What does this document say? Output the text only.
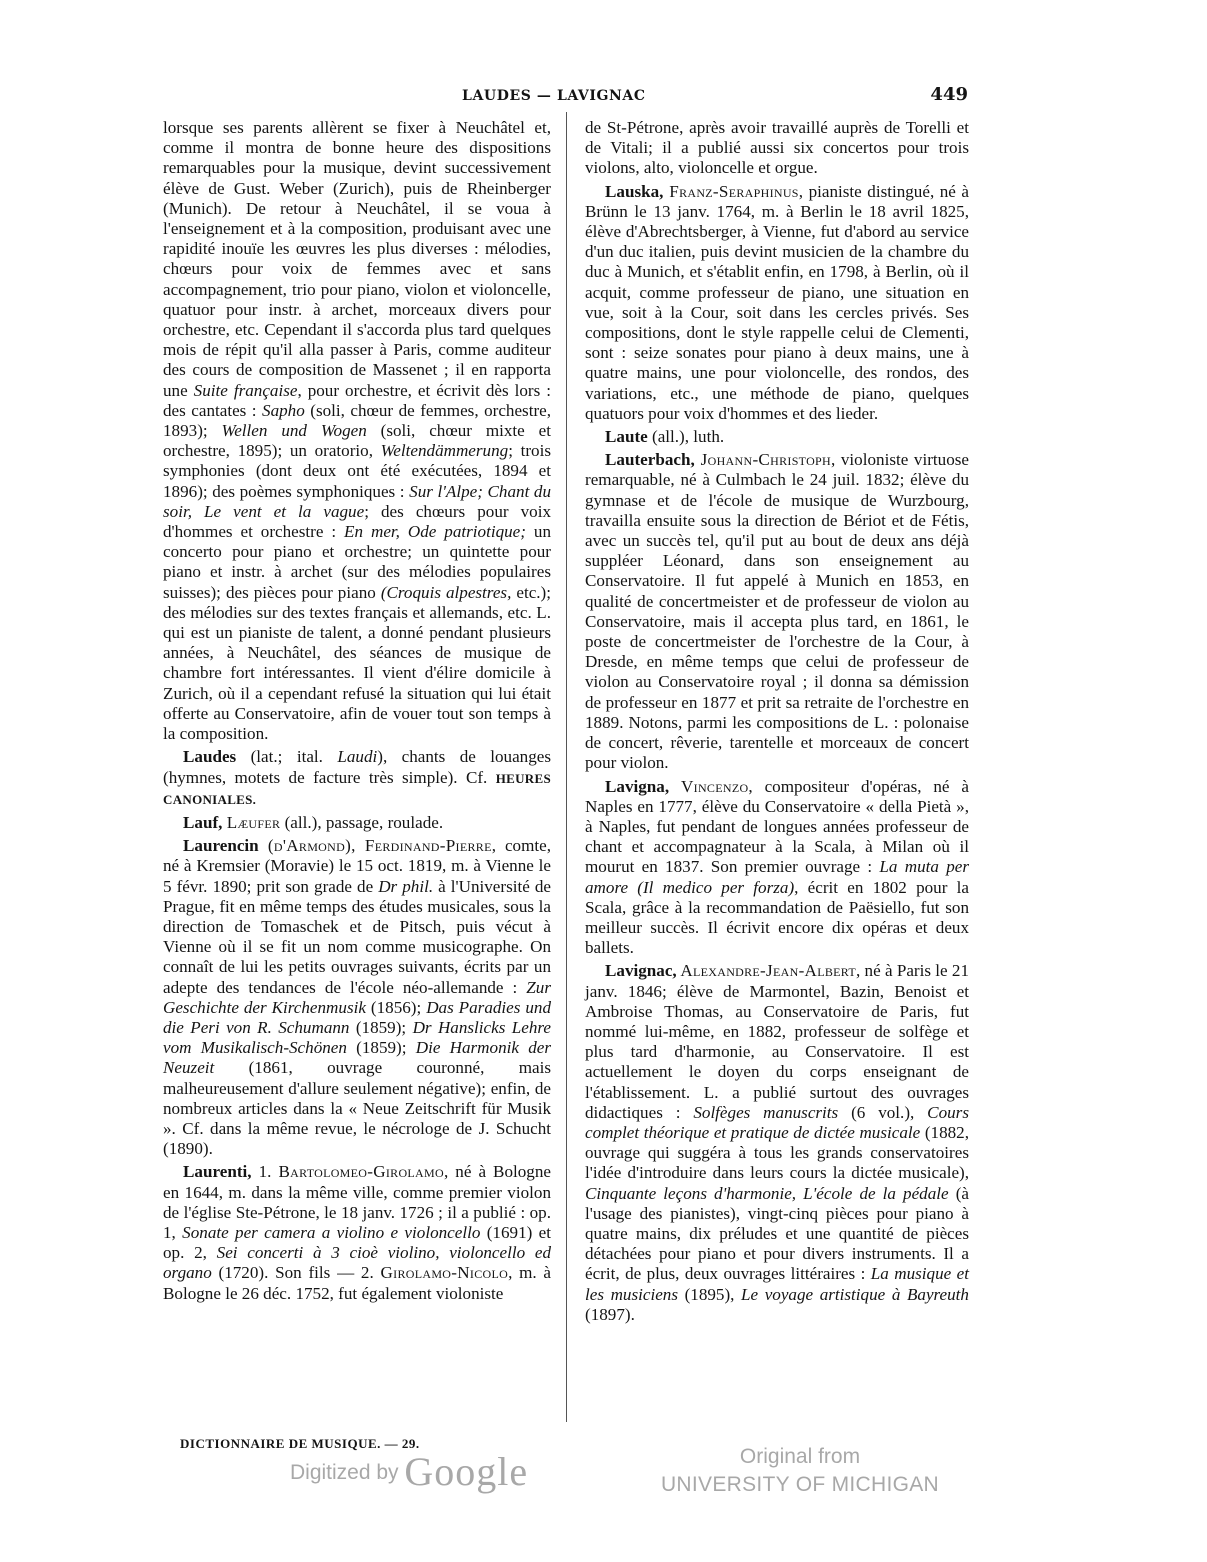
LAUDES — LAVIGNAC	449

lorsque ses parents allèrent se fixer à Neuchâtel et, comme il montra de bonne heure des dispositions remarquables pour la musique, devint successivement élève de Gust. Weber (Zurich), puis de Rheinberger (Munich). De retour à Neuchâtel, il se voua à l'enseignement et à la composition, produisant avec une rapidité inouïe les œuvres les plus diverses : mélodies, chœurs pour voix de femmes avec et sans accompagnement, trio pour piano, violon et violoncelle, quatuor pour instr. à archet, morceaux divers pour orchestre, etc. Cependant il s'accorda plus tard quelques mois de répit qu'il alla passer à Paris, comme auditeur des cours de composition de Massenet ; il en rapporta une Suite française, pour orchestre, et écrivit dès lors : des cantates : Sapho (soli, chœur de femmes, orchestre, 1893); Wellen und Wogen (soli, chœur mixte et orchestre, 1895); un oratorio, Weltendämmerung; trois symphonies (dont deux ont été exécutées, 1894 et 1896); des poèmes symphoniques : Sur l'Alpe; Chant du soir, Le vent et la vague; des chœurs pour voix d'hommes et orchestre : En mer, Ode patriotique; un concerto pour piano et orchestre; un quintette pour piano et instr. à archet (sur des mélodies populaires suisses); des pièces pour piano (Croquis alpestres, etc.); des mélodies sur des textes français et allemands, etc. L. qui est un pianiste de talent, a donné pendant plusieurs années, à Neuchâtel, des séances de musique de chambre fort intéressantes. Il vient d'élire domicile à Zurich, où il a cependant refusé la situation qui lui était offerte au Conservatoire, afin de vouer tout son temps à la composition.

Laudes (lat.; ital. Laudi), chants de louanges (hymnes, motets de facture très simple). Cf. HEURES CANONIALES.

Lauf, Læufer (all.), passage, roulade.

Laurencin (d'Armond), Ferdinand-Pierre, comte, né à Kremsier (Moravie) le 15 oct. 1819, m. à Vienne le 5 févr. 1890; prit son grade de Dr phil. à l'Université de Prague, fit en même temps des études musicales, sous la direction de Tomaschek et de Pitsch, puis vécut à Vienne où il se fit un nom comme musicographe. On connaît de lui les petits ouvrages suivants, écrits par un adepte des tendances de l'école néo-allemande : Zur Geschichte der Kirchenmusik (1856); Das Paradies und die Peri von R. Schumann (1859); Dr Hanslicks Lehre vom Musikalisch-Schönen (1859); Die Harmonik der Neuzeit (1861, ouvrage couronné, mais malheureusement d'allure seulement négative); enfin, de nombreux articles dans la « Neue Zeitschrift für Musik ». Cf. dans la même revue, le nécrologe de J. Schucht (1890).

Laurenti, 1. Bartolomeo-Girolamo, né à Bologne en 1644, m. dans la même ville, comme premier violon de l'église Ste-Pétrone, le 18 janv. 1726 ; il a publié : op. 1, Sonate per camera a violino e violoncello (1691) et op. 2, Sei concerti à 3 cioè violino, violoncello ed organo (1720). Son fils — 2. Girolamo-Nicolo, m. à Bologne le 26 déc. 1752, fut également violoniste

de St-Pétrone, après avoir travaillé auprès de Torelli et de Vitali; il a publié aussi six concertos pour trois violons, alto, violoncelle et orgue.

Lauska, Franz-Seraphinus, pianiste distingué, né à Brünn le 13 janv. 1764, m. à Berlin le 18 avril 1825, élève d'Abrechtsberger, à Vienne, fut d'abord au service d'un duc italien, puis devint musicien de la chambre du duc à Munich, et s'établit enfin, en 1798, à Berlin, où il acquit, comme professeur de piano, une situation en vue, soit à la Cour, soit dans les cercles privés. Ses compositions, dont le style rappelle celui de Clementi, sont : seize sonates pour piano à deux mains, une à quatre mains, une pour violoncelle, des rondos, des variations, etc., une méthode de piano, quelques quatuors pour voix d'hommes et des lieder.

Laute (all.), luth.

Lauterbach, Johann-Christoph, violoniste virtuose remarquable, né à Culmbach le 24 juil. 1832; élève du gymnase et de l'école de musique de Wurzbourg, travailla ensuite sous la direction de Bériot et de Fétis, avec un succès tel, qu'il put au bout de deux ans déjà suppléer Léonard, dans son enseignement au Conservatoire. Il fut appelé à Munich en 1853, en qualité de concertmeister et de professeur de violon au Conservatoire, mais il accepta plus tard, en 1861, le poste de concertmeister de l'orchestre de la Cour, à Dresde, en même temps que celui de professeur de violon au Conservatoire royal ; il donna sa démission de professeur en 1877 et prit sa retraite de l'orchestre en 1889. Notons, parmi les compositions de L. : polonaise de concert, rêverie, tarentelle et morceaux de concert pour violon.

Lavigna, Vincenzo, compositeur d'opéras, né à Naples en 1777, élève du Conservatoire « della Pietà », à Naples, fut pendant de longues années professeur de chant et accompagnateur à la Scala, à Milan où il mourut en 1837. Son premier ouvrage : La muta per amore (Il medico per forza), écrit en 1802 pour la Scala, grâce à la recommandation de Paësiello, fut son meilleur succès. Il écrivit encore dix opéras et deux ballets.

Lavignac, Alexandre-Jean-Albert, né à Paris le 21 janv. 1846; élève de Marmontel, Bazin, Benoist et Ambroise Thomas, au Conservatoire de Paris, fut nommé lui-même, en 1882, professeur de solfège et plus tard d'harmonie, au Conservatoire. Il est actuellement le doyen du corps enseignant de l'établissement. L. a publié surtout des ouvrages didactiques : Solfèges manuscrits (6 vol.), Cours complet théorique et pratique de dictée musicale (1882, ouvrage qui suggéra à tous les grands conservatoires l'idée d'introduire dans leurs cours la dictée musicale), Cinquante leçons d'harmonie, L'école de la pédale (à l'usage des pianistes), vingt-cinq pièces pour piano à quatre mains, dix préludes et une quantité de pièces détachées pour piano et pour divers instruments. Il a écrit, de plus, deux ouvrages littéraires : La musique et les musiciens (1895), Le voyage artistique à Bayreuth (1897).

DICTIONNAIRE DE MUSIQUE. — 29.
Digitized by Google	Original from
UNIVERSITY OF MICHIGAN
